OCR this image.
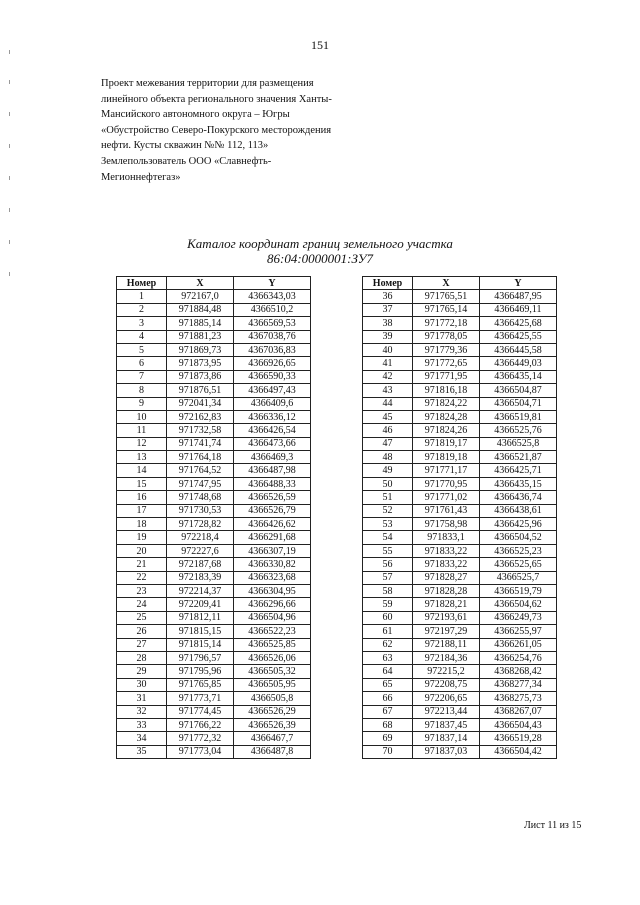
151
Проект межевания территории для размещения
линейного объекта регионального значения Ханты-
Мансийского автономного округа – Югры
«Обустройство Северо-Покурского месторождения
нефти. Кусты скважин №№ 112, 113»
Землепользователь ООО «Славнефть-
Мегионнефтегаз»
Каталог координат границ земельного участка
86:04:0000001:ЗУ7
Номер	X	Y
1	972167,0	4366343,03
2	971884,48	4366510,2
3	971885,14	4366569,53
4	971881,23	4367038,76
5	971869,73	4367036,83
6	971873,95	4366926,65
7	971873,86	4366590,33
8	971876,51	4366497,43
9	972041,34	4366409,6
10	972162,83	4366336,12
11	971732,58	4366426,54
12	971741,74	4366473,66
13	971764,18	4366469,3
14	971764,52	4366487,98
15	971747,95	4366488,33
16	971748,68	4366526,59
17	971730,53	4366526,79
18	971728,82	4366426,62
19	972218,4	4366291,68
20	972227,6	4366307,19
21	972187,68	4366330,82
22	972183,39	4366323,68
23	972214,37	4366304,95
24	972209,41	4366296,66
25	971812,11	4366504,96
26	971815,15	4366522,23
27	971815,14	4366525,85
28	971796,57	4366526,06
29	971795,96	4366505,32
30	971765,85	4366505,95
31	971773,71	4366505,8
32	971774,45	4366526,29
33	971766,22	4366526,39
34	971772,32	4366467,7
35	971773,04	4366487,8
Номер	X	Y
36	971765,51	4366487,95
37	971765,14	4366469,11
38	971772,18	4366425,68
39	971778,05	4366425,55
40	971779,36	4366445,58
41	971772,65	4366449,03
42	971771,95	4366435,14
43	971816,18	4366504,87
44	971824,22	4366504,71
45	971824,28	4366519,81
46	971824,26	4366525,76
47	971819,17	4366525,8
48	971819,18	4366521,87
49	971771,17	4366425,71
50	971770,95	4366435,15
51	971771,02	4366436,74
52	971761,43	4366438,61
53	971758,98	4366425,96
54	971833,1	4366504,52
55	971833,22	4366525,23
56	971833,22	4366525,65
57	971828,27	4366525,7
58	971828,28	4366519,79
59	971828,21	4366504,62
60	972193,61	4366249,73
61	972197,29	4366255,97
62	972188,11	4366261,05
63	972184,36	4366254,76
64	972215,2	4368268,42
65	972208,75	4368277,34
66	972206,65	4368275,73
67	972213,44	4368267,07
68	971837,45	4366504,43
69	971837,14	4366519,28
70	971837,03	4366504,42
Лист 11 из 15
